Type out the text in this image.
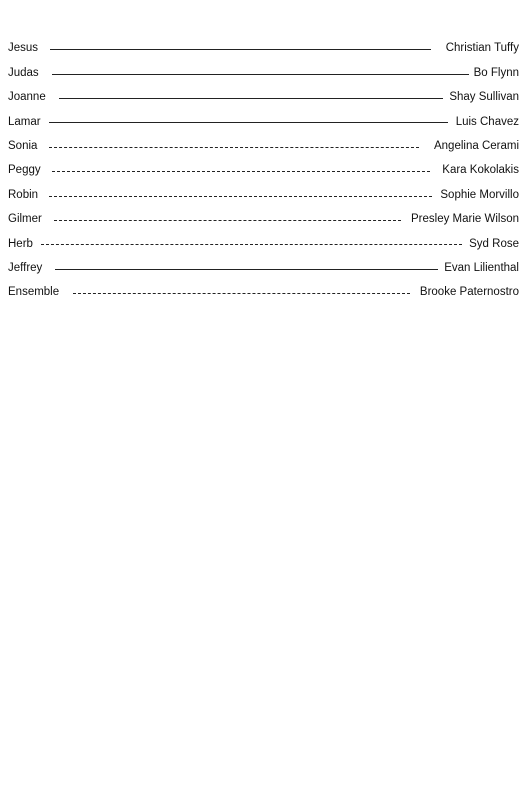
Jesus	Christian Tuffy
Judas	Bo Flynn
Joanne	Shay Sullivan
Lamar	Luis Chavez
Sonia	Angelina Cerami
Peggy	Kara Kokolakis
Robin	Sophie Morvillo
Gilmer	Presley Marie Wilson
Herb	Syd Rose
Jeffrey	Evan Lilienthal
Ensemble	Brooke Paternostro
